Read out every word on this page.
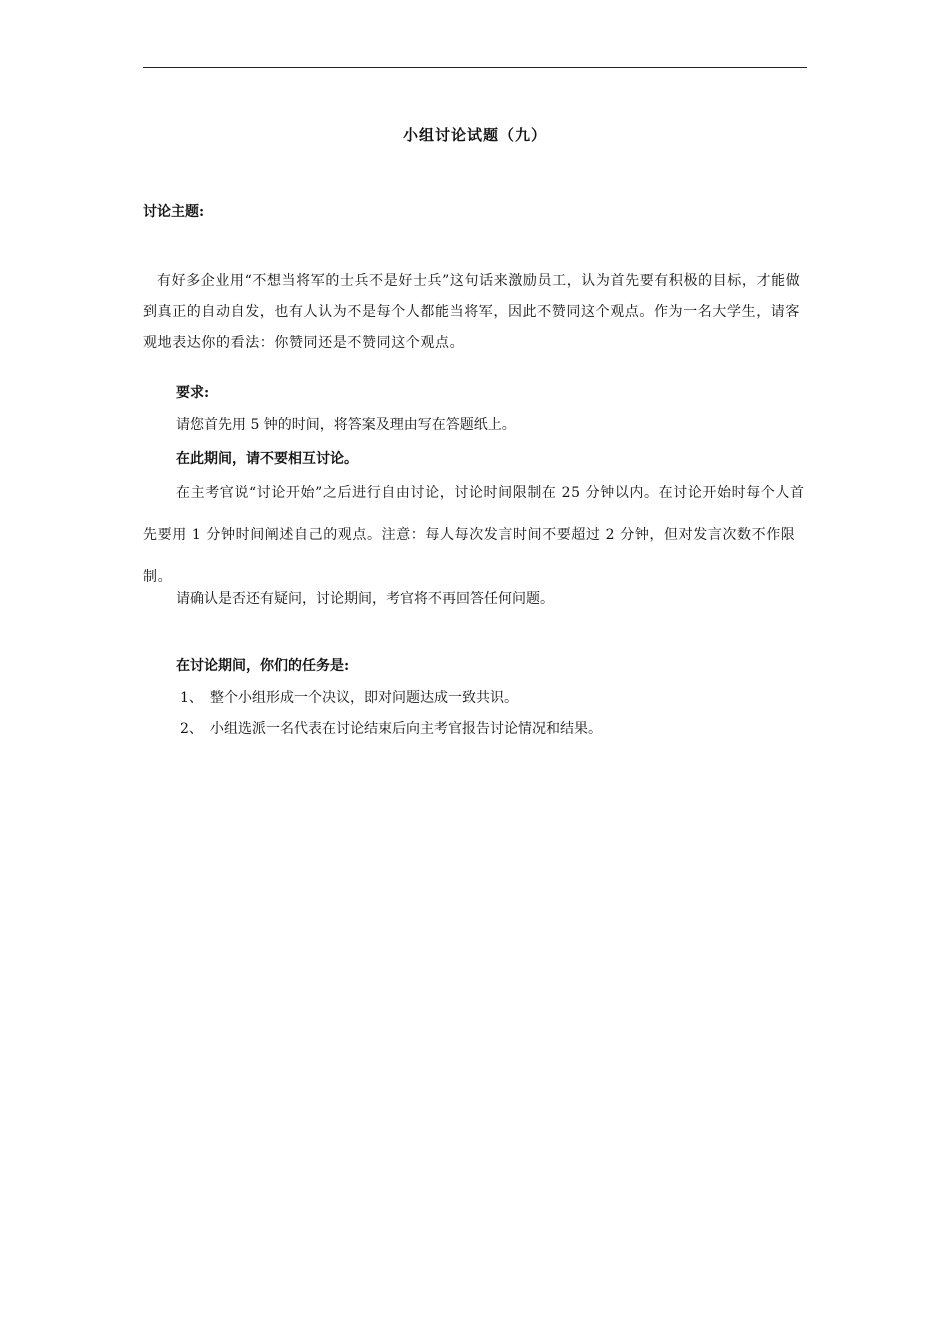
小组讨论试题（九）
讨论主题:

有好多企业用“不想当将军的士兵不是好士兵”这句话来激励员工，认为首先要有积极的目标，才能做到真正的自动自发，也有人认为不是每个人都能当将军，因此不赞同这个观点。作为一名大学生，请客观地表达你的看法：你赞同还是不赞同这个观点。

要求:
请您首先用 5 钟的时间，将答案及理由写在答题纸上。
在此期间，请不要相互讨论。

在主考官说“讨论开始”之后进行自由讨论，讨论时间限制在 25 分钟以内。在讨论开始时每个人首先要用 1 分钟时间阐述自己的观点。注意：每人每次发言时间不要超过 2 分钟，但对发言次数不作限制。

请确认是否还有疑问，讨论期间，考官将不再回答任何问题。
在讨论期间，你们的任务是:
1、 整个小组形成一个决议，即对问题达成一致共识。
2、 小组选派一名代表在讨论结束后向主考官报告讨论情况和结果。
